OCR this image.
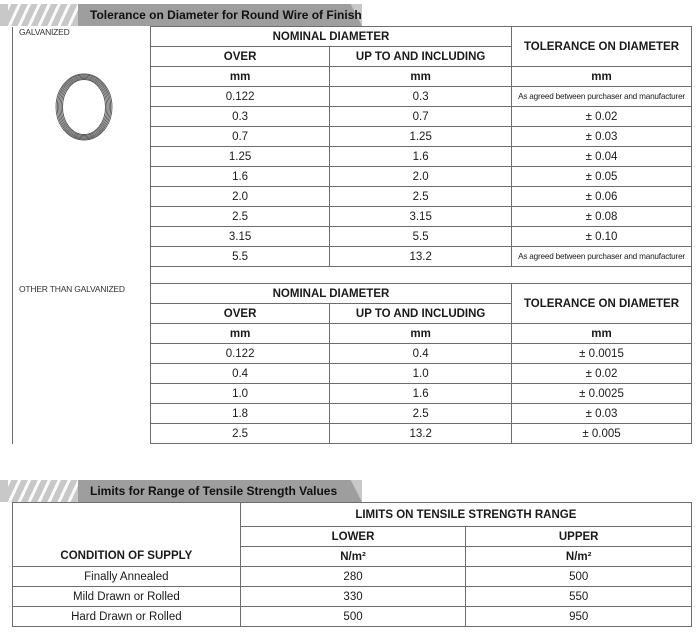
Tolerance on Diameter for Round Wire of Finish
GALVANIZED	NOMINAL DIAMETER		TOLERANCE ON DIAMETER
	OVER	UP TO AND INCLUDING	
	mm	mm	mm
	0.122	0.3	As agreed between purchaser and manufacturer
	0.3	0.7	± 0.02
	0.7	1.25	± 0.03
	1.25	1.6	± 0.04
	1.6	2.0	± 0.05
	2.0	2.5	± 0.06
	2.5	3.15	± 0.08
	3.15	5.5	± 0.10
	5.5	13.2	As agreed between purchaser and manufacturer

OTHER THAN GALVANIZED	NOMINAL DIAMETER		TOLERANCE ON DIAMETER
	OVER	UP TO AND INCLUDING	
	mm	mm	mm
	0.122	0.4	± 0.0015
	0.4	1.0	± 0.02
	1.0	1.6	± 0.0025
	1.8	2.5	± 0.03
	2.5	13.2	± 0.005
Limits for Range of Tensile Strength Values
	LIMITS ON TENSILE STRENGTH RANGE	
	LOWER	UPPER
CONDITION OF SUPPLY	N/m²	N/m²
Finally Annealed	280	500
Mild Drawn or Rolled	330	550
Hard Drawn or Rolled	500	950
